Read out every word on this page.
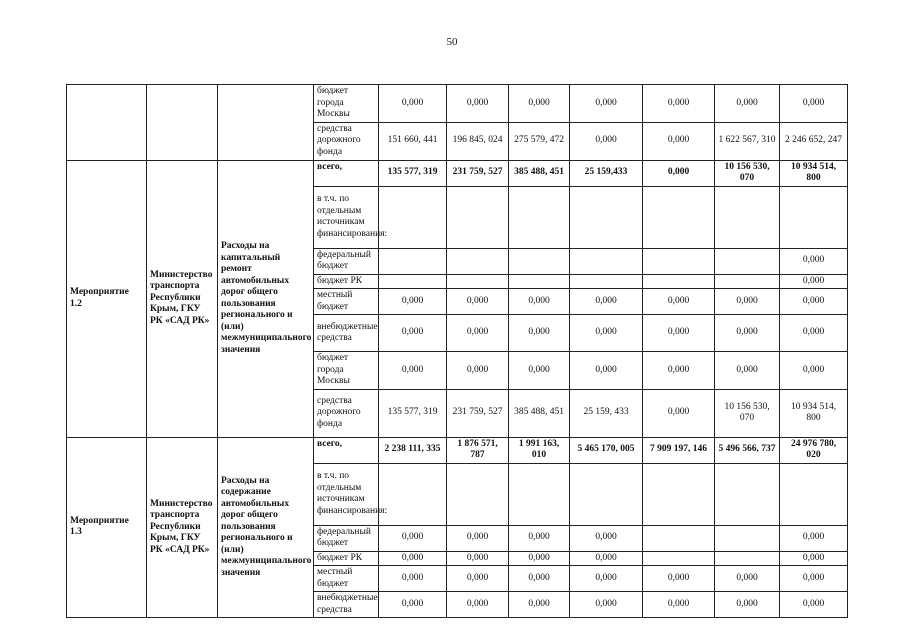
50
			бюджет города Москвы	0,000	0,000	0,000	0,000	0,000	0,000	0,000
			средства дорожного фонда	151 660, 441	196 845, 024	275 579, 472	0,000	0,000	1 622 567, 310	2 246 652, 247
Мероприятие 1.2	Министерство транспорта Республики Крым, ГКУ РК «САД РК»	Расходы на капитальный ремонт автомобильных дорог общего пользования регионального и (или) межмуниципального значения	всего,	135 577, 319	231 759, 527	385 488, 451	25 159,433	0,000	10 156 530, 070	10 934 514, 800
			в т.ч. по отдельным источникам финансирования:							
			федеральный бюджет							0,000
			бюджет РК							0,000
			местный бюджет	0,000	0,000	0,000	0,000	0,000	0,000	0,000
			внебюджетные средства	0,000	0,000	0,000	0,000	0,000	0,000	0,000
			бюджет города Москвы	0,000	0,000	0,000	0,000	0,000	0,000	0,000
			средства дорожного фонда	135 577, 319	231 759, 527	385 488, 451	25 159, 433	0,000	10 156 530, 070	10 934 514, 800
Мероприятие 1.3	Министерство транспорта Республики Крым, ГКУ РК «САД РК»	Расходы на содержание автомобильных дорог общего пользования регионального и (или) межмуниципального значения	всего,	2 238 111, 335	1 876 571, 787	1 991 163, 010	5 465 170, 005	7 909 197, 146	5 496 566, 737	24 976 780, 020
			в т.ч. по отдельным источникам финансирования:							
			федеральный бюджет	0,000	0,000	0,000	0,000			0,000
			бюджет РК	0,000	0,000	0,000	0,000			0,000
			местный бюджет	0,000	0,000	0,000	0,000	0,000	0,000	0,000
			внебюджетные средства	0,000	0,000	0,000	0,000	0,000	0,000	0,000
